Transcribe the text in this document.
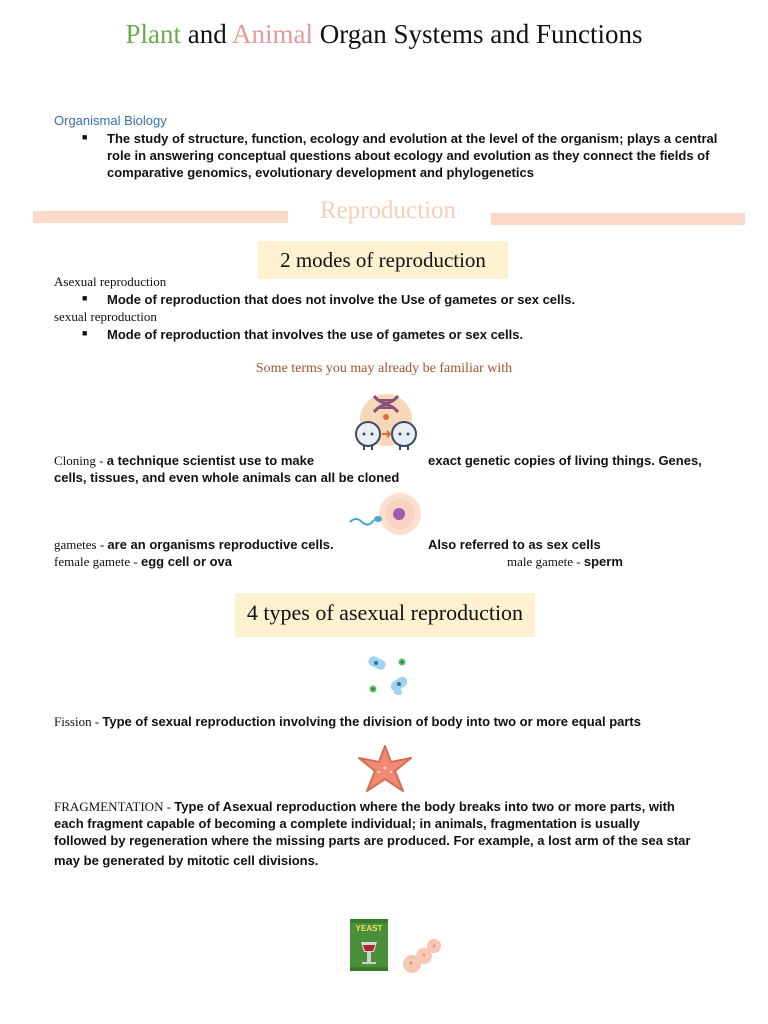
Plant and Animal Organ Systems and Functions
Organismal Biology
■ The study of structure, function, ecology and evolution at the level of the organism; plays a central role in answering conceptual questions about ecology and evolution as they connect the fields of comparative genomics, evolutionary development and phylogenetics
Reproduction
2 modes of reproduction
Asexual reproduction
■ Mode of reproduction that does not involve the Use of gametes or sex cells.
sexual reproduction
■ Mode of reproduction that involves the use of gametes or sex cells.
Some terms you may already be familiar with
Cloning - a technique scientist use to make	exact genetic copies of living things. Genes,
cells, tissues, and even whole animals can all be cloned
gametes - are an organisms reproductive cells.	Also referred to as sex cells
female gamete - egg cell or ova	male gamete - sperm
4 types of asexual reproduction
Fission - Type of sexual reproduction involving the division of body into two or more equal parts
FRAGMENTATION - Type of Asexual reproduction where the body breaks into two or more parts, with
each fragment capable of becoming a complete individual; in animals, fragmentation is usually
followed by regeneration where the missing parts are produced. For example, a lost arm of the sea star
may be generated by mitotic cell divisions.
YEAST
